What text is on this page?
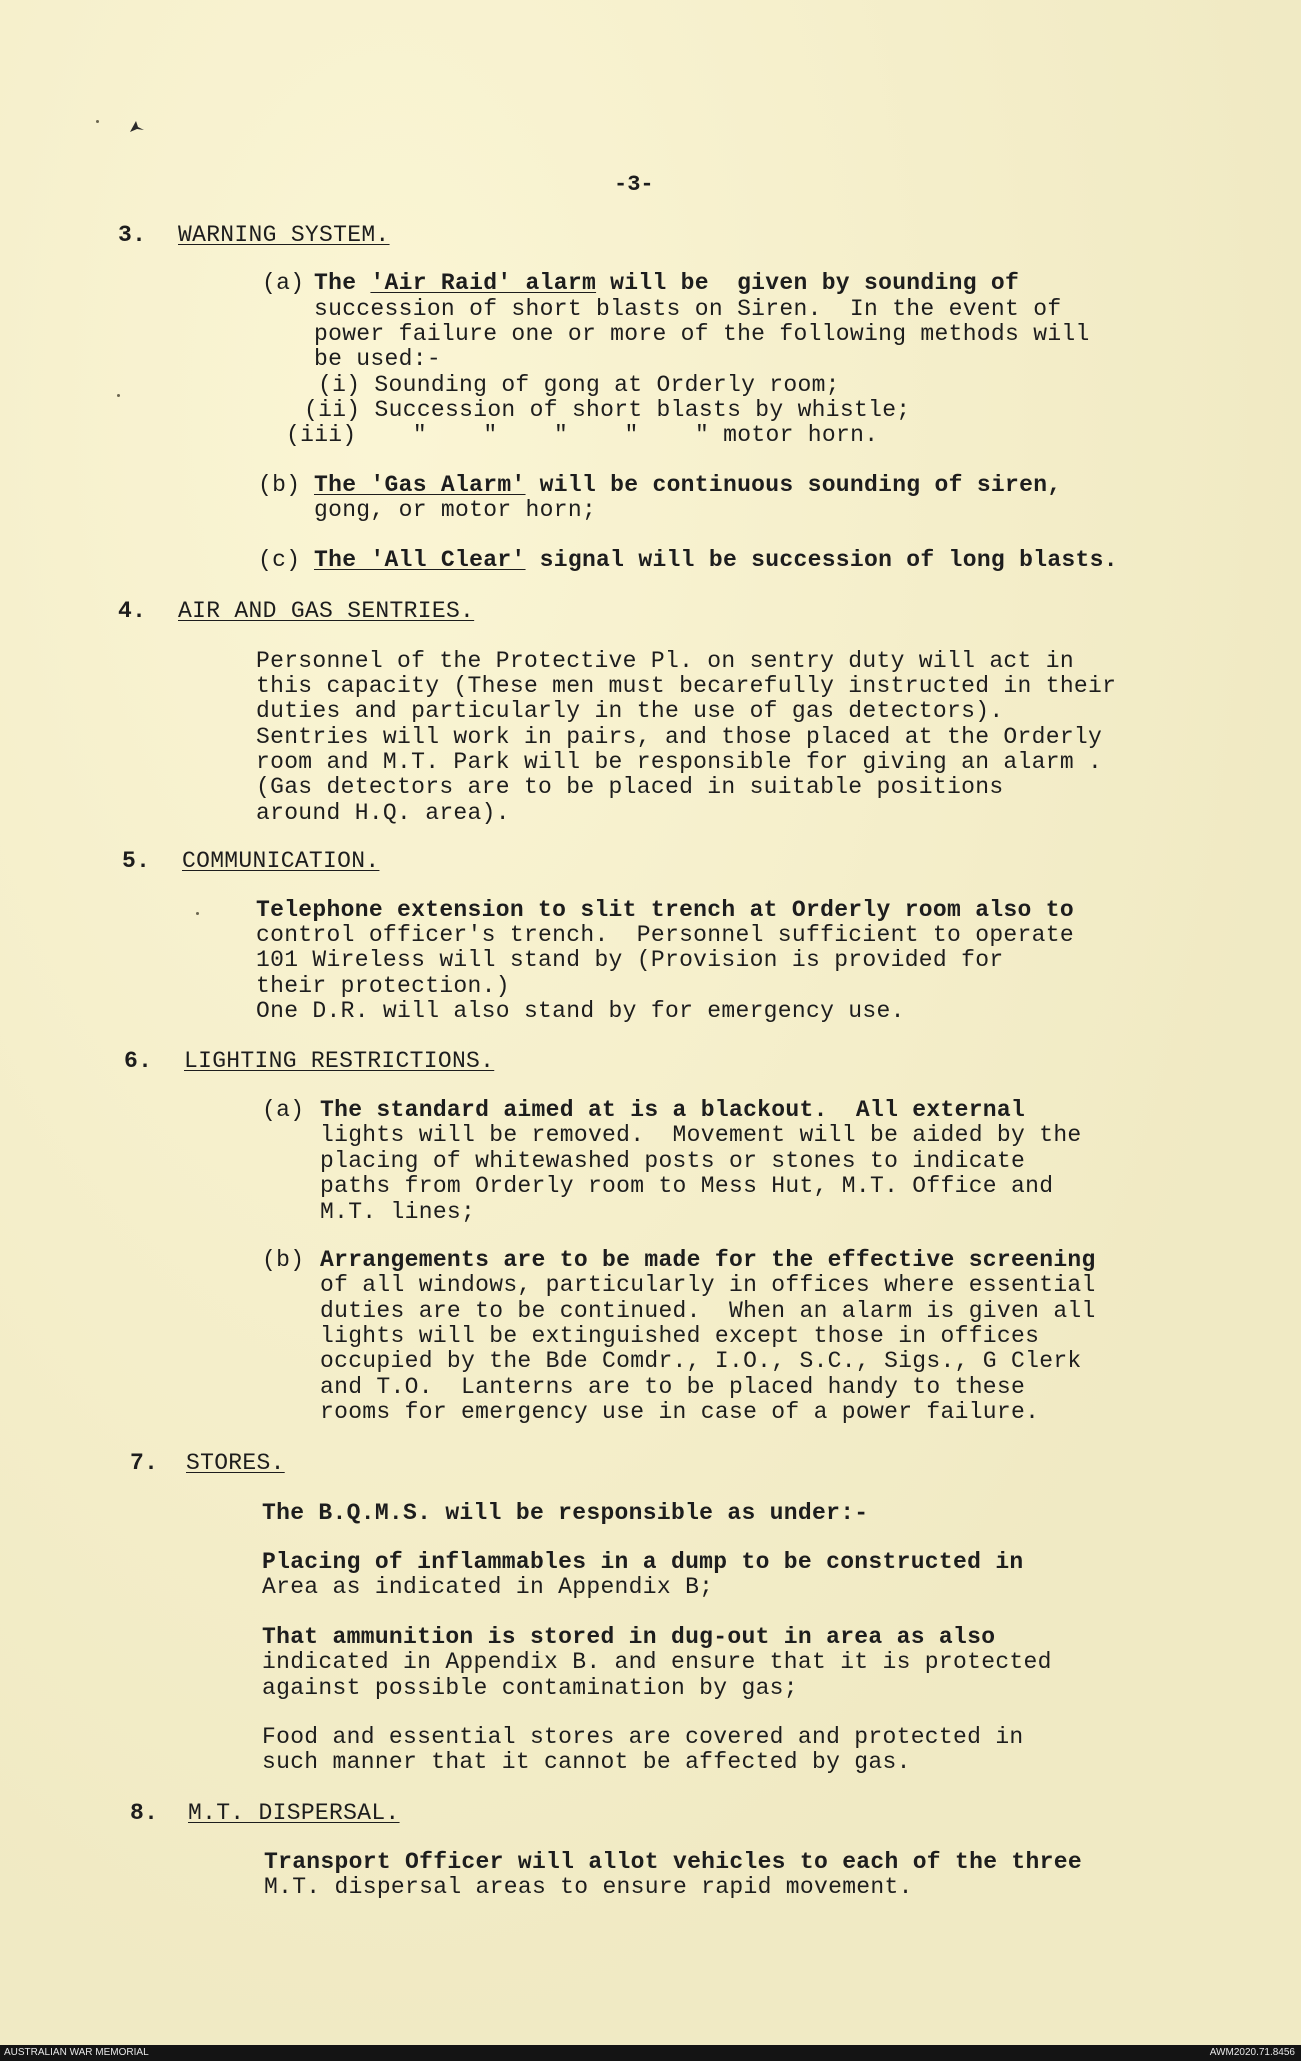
-3-
3. WARNING SYSTEM.
(a) The 'Air Raid' alarm will be  given by sounding of
succession of short blasts on Siren.  In the event of
power failure one or more of the following methods will
be used:-
(i) Sounding of gong at Orderly room;
(ii) Succession of short blasts by whistle;
(iii)    "    "    "    "    " motor horn.
(b) The 'Gas Alarm' will be continuous sounding of siren,
gong, or motor horn;
(c) The 'All Clear' signal will be succession of long blasts.
4. AIR AND GAS SENTRIES.
Personnel of the Protective Pl. on sentry duty will act in
this capacity (These men must becarefully instructed in their
duties and particularly in the use of gas detectors).
Sentries will work in pairs, and those placed at the Orderly
room and M.T. Park will be responsible for giving an alarm .
(Gas detectors are to be placed in suitable positions
around H.Q. area).
5. COMMUNICATION.
Telephone extension to slit trench at Orderly room also to
control officer's trench.  Personnel sufficient to operate
101 Wireless will stand by (Provision is provided for
their protection.)
One D.R. will also stand by for emergency use.
6. LIGHTING RESTRICTIONS.
(a) The standard aimed at is a blackout.  All external
lights will be removed.  Movement will be aided by the
placing of whitewashed posts or stones to indicate
paths from Orderly room to Mess Hut, M.T. Office and
M.T. lines;
(b) Arrangements are to be made for the effective screening
of all windows, particularly in offices where essential
duties are to be continued.  When an alarm is given all
lights will be extinguished except those in offices
occupied by the Bde Comdr., I.O., S.C., Sigs., G Clerk
and T.O.  Lanterns are to be placed handy to these
rooms for emergency use in case of a power failure.
7. STORES.
The B.Q.M.S. will be responsible as under:-
Placing of inflammables in a dump to be constructed in
Area as indicated in Appendix B;
That ammunition is stored in dug-out in area as also
indicated in Appendix B. and ensure that it is protected
against possible contamination by gas;
Food and essential stores are covered and protected in
such manner that it cannot be affected by gas.
8. M.T. DISPERSAL.
Transport Officer will allot vehicles to each of the three
M.T. dispersal areas to ensure rapid movement.
AUSTRALIAN WAR MEMORIAL	AWM2020.71.8456
